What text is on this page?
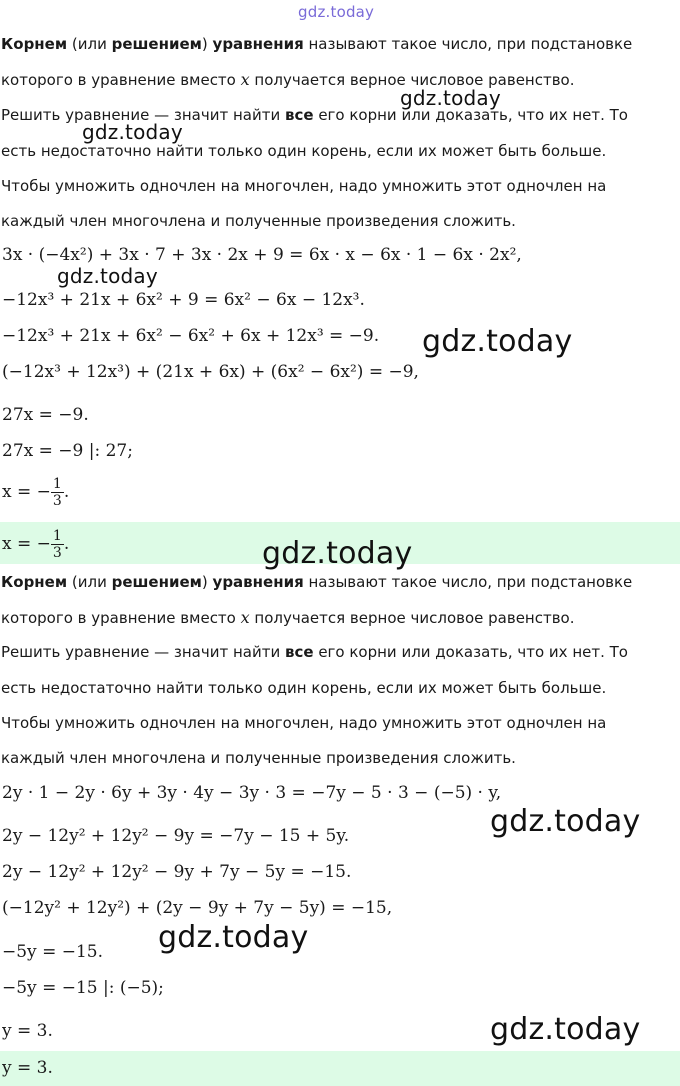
gdz.today
Корнем (или решением) уравнения называют такое число, при подстановке
которого в уравнение вместо x получается верное числовое равенство.
Решить уравнение — значит найти все его корни или доказать, что их нет. То
есть недостаточно найти только один корень, если их может быть больше.
Чтобы умножить одночлен на многочлен, надо умножить этот одночлен на
каждый член многочлена и полученные произведения сложить.
3x · (−4x²) + 3x · 7 + 3x · 2x + 9 = 6x · x − 6x · 1 − 6x · 2x²,
−12x³ + 21x + 6x² + 9 = 6x² − 6x − 12x³.
−12x³ + 21x + 6x² − 6x² + 6x + 12x³ = −9.
(−12x³ + 12x³) + (21x + 6x) + (6x² − 6x²) = −9,
27x = −9.
27x = −9 |: 27;
x = − $\frac{1}{3}$ .
x = − $\frac{1}{3}$ .
Корнем (или решением) уравнения называют такое число, при подстановке
которого в уравнение вместо x получается верное числовое равенство.
Решить уравнение — значит найти все его корни или доказать, что их нет. То
есть недостаточно найти только один корень, если их может быть больше.
Чтобы умножить одночлен на многочлен, надо умножить этот одночлен на
каждый член многочлена и полученные произведения сложить.
2y · 1 − 2y · 6y + 3y · 4y − 3y · 3 = −7y − 5 · 3 − (−5) · y,
2y − 12y² + 12y² − 9y = −7y − 15 + 5y.
2y − 12y² + 12y² − 9y + 7y − 5y = −15.
(−12y² + 12y²) + (2y − 9y + 7y − 5y) = −15,
−5y = −15.
−5y = −15 |: (−5);
y = 3.
y = 3.
gdz.today
gdz.today
gdz.today
gdz.today
gdz.today
gdz.today
gdz.today
gdz.today
